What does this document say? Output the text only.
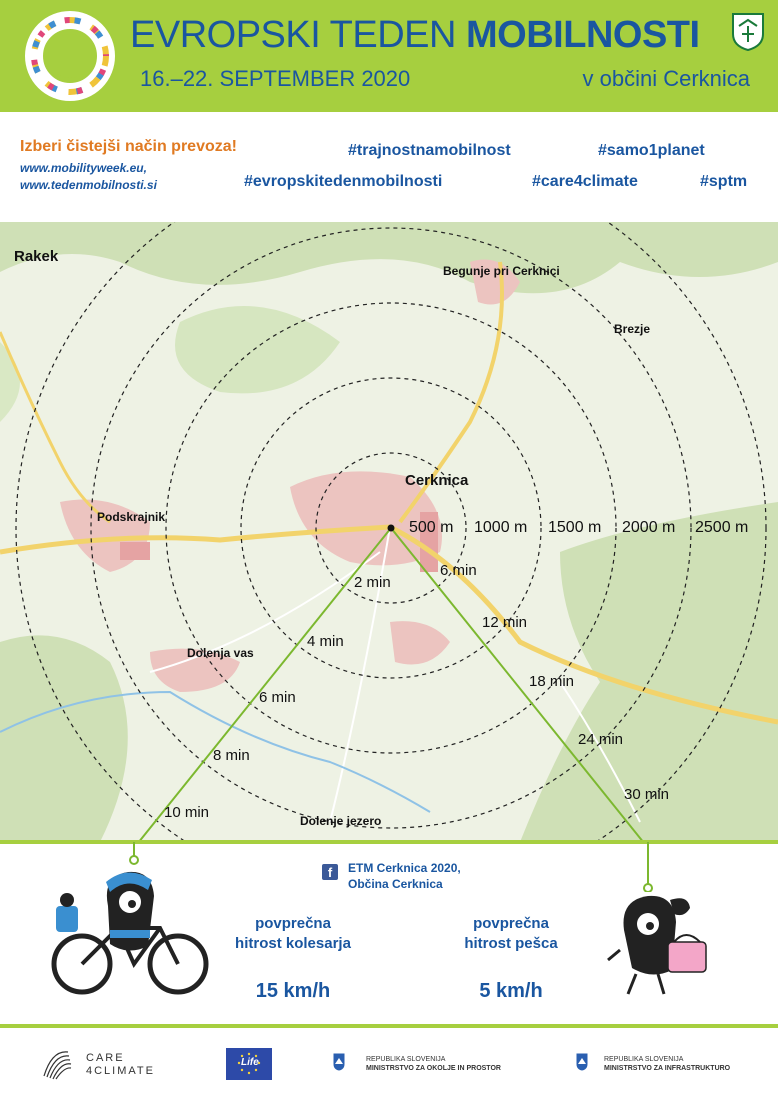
EVROPSKI TEDEN MOBILNOSTI
16.–22. SEPTEMBER 2020	v občini Cerknica
Izberi čistejši način prevoza!
www.mobilityweek.eu,
www.tedenmobilnosti.si
#trajnostnamobilnost	#samo1planet
#evropskitedenmobilnosti	#care4climate	#sptm
Rakek
Begunje pri Cerknici
Brezje
Cerknica
Podskrajnik
Dolenja vas
Dolenje jezero
500 m 1000 m 1500 m 2000 m 2500 m
2 min
4 min
6 min
8 min
10 min
6 min
12 min
18 min
24 min
30 min
f	ETM Cerknica 2020,
Občina Cerknica
povprečna
hitrost kolesarja
15 km/h
povprečna
hitrost pešca
5 km/h
CARE
4CLIMATE
Life	REPUBLIKA SLOVENIJA
MINISTRSTVO ZA OKOLJE IN PROSTOR
REPUBLIKA SLOVENIJA
MINISTRSTVO ZA INFRASTRUKTURO
